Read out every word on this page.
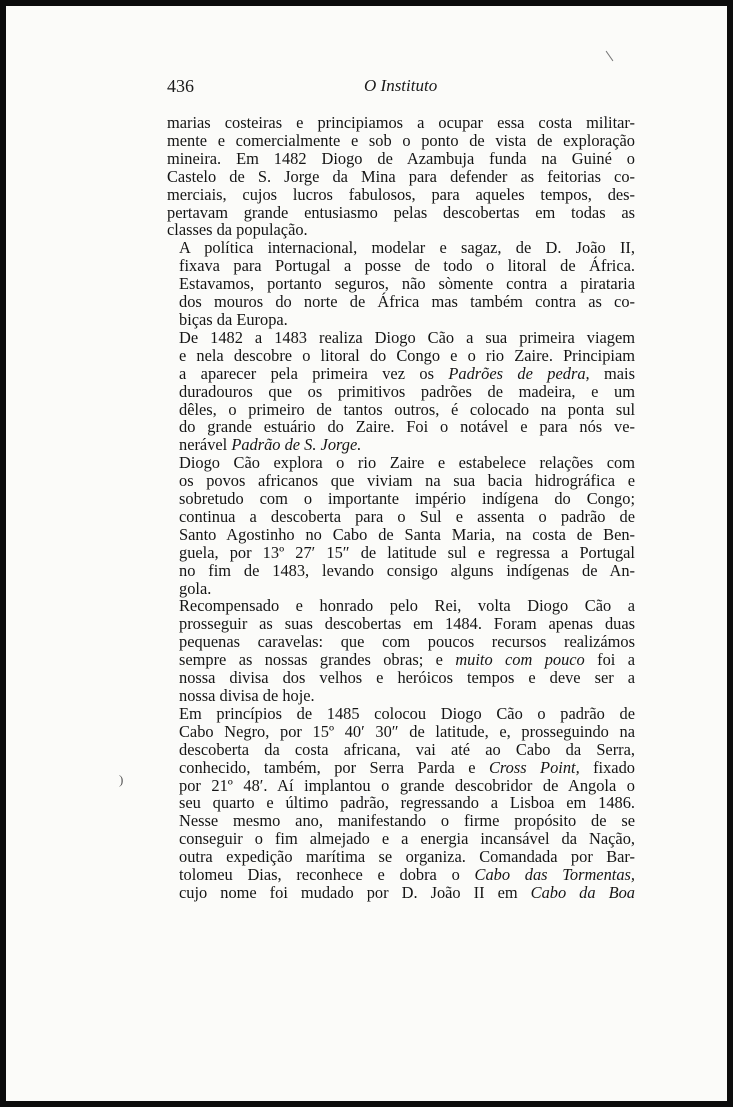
436	O Instituto
)

marias costeiras e principiamos a ocupar essa costa militar-
mente e comercialmente e sob o ponto de vista de exploração
mineira. Em 1482 Diogo de Azambuja funda na Guiné o
Castelo de S. Jorge da Mina para defender as feitorias co-
merciais, cujos lucros fabulosos, para aqueles tempos, des-
pertavam grande entusiasmo pelas descobertas em todas as
classes da população.

A política internacional, modelar e sagaz, de D. João II,
fixava para Portugal a posse de todo o litoral de África.
Estavamos, portanto seguros, não sòmente contra a pirataria
dos mouros do norte de África mas também contra as co-
biças da Europa.

De 1482 a 1483 realiza Diogo Cão a sua primeira viagem
e nela descobre o litoral do Congo e o rio Zaire. Principiam
a aparecer pela primeira vez os Padrões de pedra, mais
duradouros que os primitivos padrões de madeira, e um
dêles, o primeiro de tantos outros, é colocado na ponta sul
do grande estuário do Zaire. Foi o notável e para nós ve-
nerável Padrão de S. Jorge.

Diogo Cão explora o rio Zaire e estabelece relações com
os povos africanos que viviam na sua bacia hidrográfica e
sobretudo com o importante império indígena do Congo;
continua a descoberta para o Sul e assenta o padrão de
Santo Agostinho no Cabo de Santa Maria, na costa de Ben-
guela, por 13º 27′ 15″ de latitude sul e regressa a Portugal
no fim de 1483, levando consigo alguns indígenas de An-
gola.

Recompensado e honrado pelo Rei, volta Diogo Cão a
prosseguir as suas descobertas em 1484. Foram apenas duas
pequenas caravelas: que com poucos recursos realizámos
sempre as nossas grandes obras; e muito com pouco foi a
nossa divisa dos velhos e heróicos tempos e deve ser a
nossa divisa de hoje.

Em princípios de 1485 colocou Diogo Cão o padrão de
Cabo Negro, por 15º 40′ 30″ de latitude, e, prosseguindo na
descoberta da costa africana, vai até ao Cabo da Serra,
conhecido, também, por Serra Parda e Cross Point, fixado
por 21º 48′. Aí implantou o grande descobridor de Angola o
seu quarto e último padrão, regressando a Lisboa em 1486.

Nesse mesmo ano, manifestando o firme propósito de se
conseguir o fim almejado e a energia incansável da Nação,
outra expedição marítima se organiza. Comandada por Bar-
tolomeu Dias, reconhece e dobra o Cabo das Tormentas,
cujo nome foi mudado por D. João II em Cabo da Boa
